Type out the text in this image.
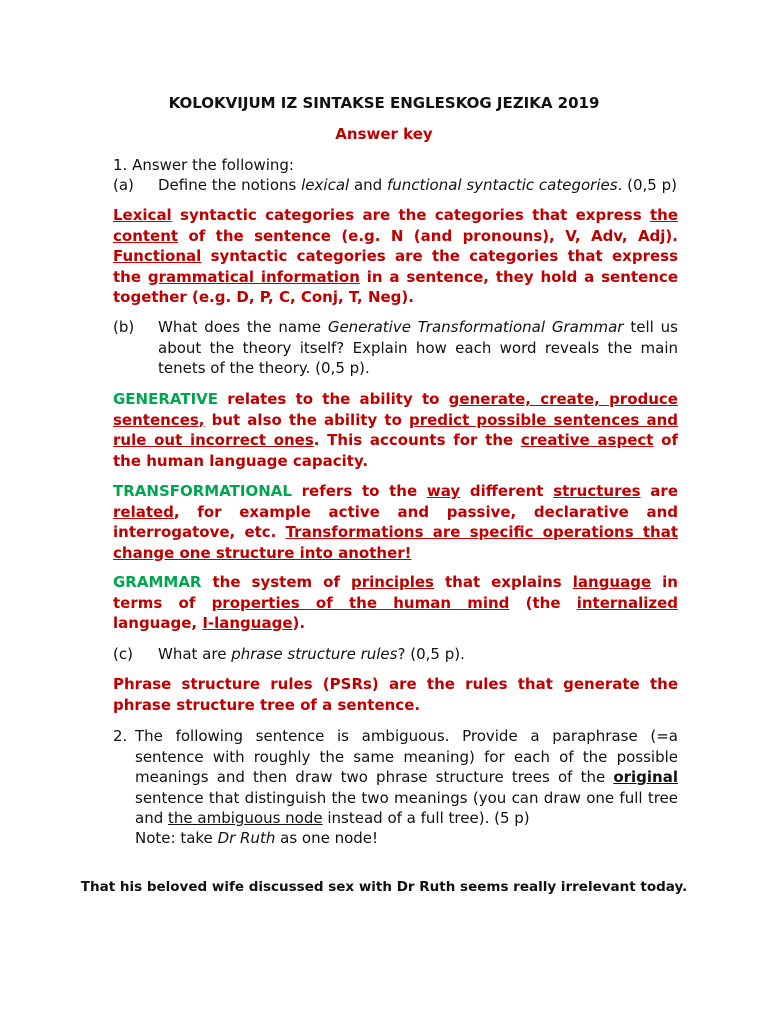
KOLOKVIJUM IZ SINTAKSE ENGLESKOG JEZIKA 2019
Answer key
1. Answer the following:
(a) Define the notions lexical and functional syntactic categories. (0,5 p)
Lexical syntactic categories are the categories that express the content of the sentence (e.g. N (and pronouns), V, Adv, Adj). Functional syntactic categories are the categories that express the grammatical information in a sentence, they hold a sentence together (e.g. D, P, C, Conj, T, Neg).
(b) What does the name Generative Transformational Grammar tell us about the theory itself? Explain how each word reveals the main tenets of the theory. (0,5 p).
GENERATIVE relates to the ability to generate, create, produce sentences, but also the ability to predict possible sentences and rule out incorrect ones. This accounts for the creative aspect of the human language capacity.
TRANSFORMATIONAL refers to the way different structures are related, for example active and passive, declarative and interrogatove, etc. Transformations are specific operations that change one structure into another!
GRAMMAR the system of principles that explains language in terms of properties of the human mind (the internalized language, I-language).
(c) What are phrase structure rules? (0,5 p).
Phrase structure rules (PSRs) are the rules that generate the phrase structure tree of a sentence.
2. The following sentence is ambiguous. Provide a paraphrase (=a sentence with roughly the same meaning) for each of the possible meanings and then draw two phrase structure trees of the original sentence that distinguish the two meanings (you can draw one full tree and the ambiguous node instead of a full tree). (5 p)
Note: take Dr Ruth as one node!
That his beloved wife discussed sex with Dr Ruth seems really irrelevant today.
